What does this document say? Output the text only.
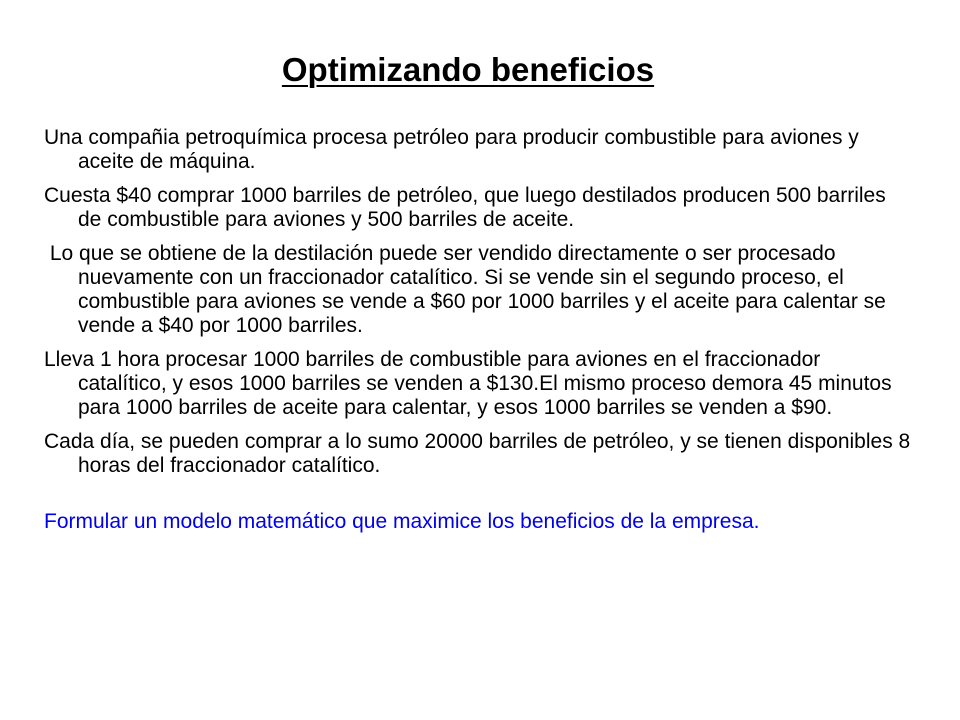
Optimizando beneficios

Una compañia petroquímica procesa petróleo para producir combustible para aviones y aceite de máquina.

Cuesta $40 comprar 1000 barriles de petróleo, que luego destilados producen 500 barriles de combustible para aviones y 500 barriles de aceite.

Lo que se obtiene de la destilación puede ser vendido directamente o ser procesado nuevamente con un fraccionador catalítico. Si se vende sin el segundo proceso, el combustible para aviones se vende a $60 por 1000 barriles y el aceite para calentar se vende a $40 por 1000 barriles.

Lleva 1 hora procesar 1000 barriles de combustible para aviones en el fraccionador catalítico, y esos 1000 barriles se venden a $130.El mismo proceso demora 45 minutos para 1000 barriles de aceite para calentar, y esos 1000 barriles se venden a $90.

Cada día, se pueden comprar a lo sumo 20000 barriles de petróleo, y se tienen disponibles 8 horas del fraccionador catalítico.

Formular un modelo matemático que maximice los beneficios de la empresa.
